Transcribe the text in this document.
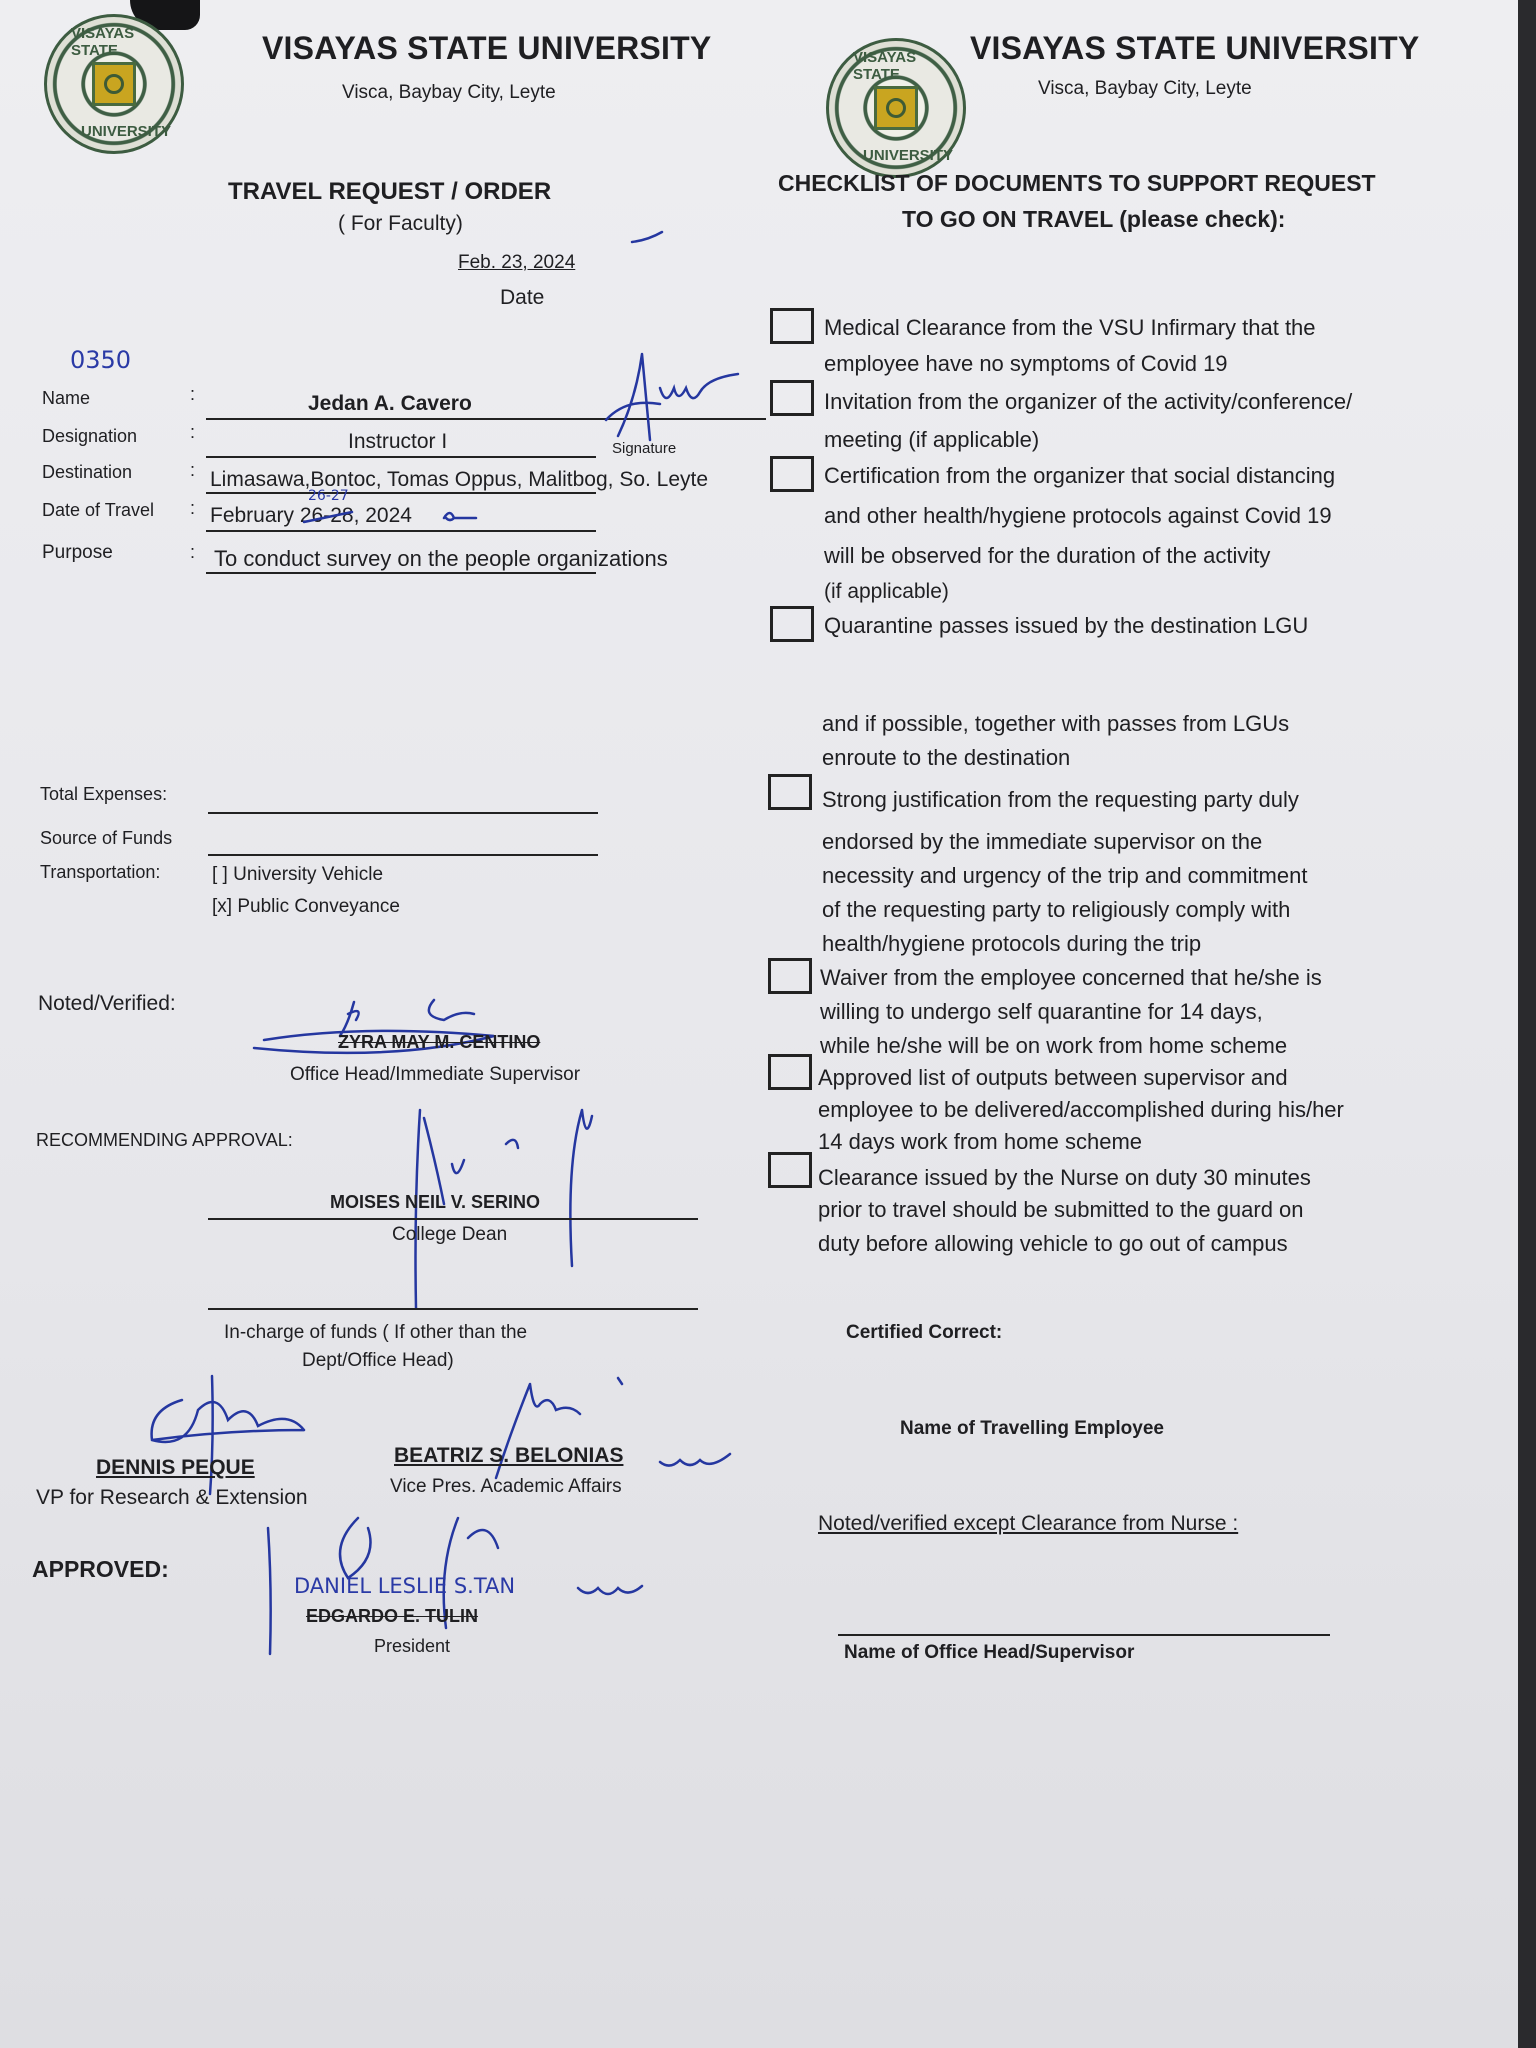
VISAYAS STATE
UNIVERSITY
VISAYAS STATE UNIVERSITY
Visca, Baybay City, Leyte
VISAYAS STATE
UNIVERSITY
VISAYAS STATE UNIVERSITY
Visca, Baybay City, Leyte
TRAVEL REQUEST / ORDER
( For Faculty)
Feb. 23, 2024
Date
0350
Name	:	Jedan A. Cavero
Signature
Designation	:	Instructor I
Destination	: Limasawa,Bontoc, Tomas Oppus, Malitbog, So. Leyte
Date of Travel : February 26-28, 2024
26-27
Purpose	: To conduct survey on the people organizations
Total Expenses:
Source of Funds
Transportation:	[ ] University Vehicle
[x] Public Conveyance
Noted/Verified:
ZYRA MAY M. CENTINO
Office Head/Immediate Supervisor
RECOMMENDING APPROVAL:
MOISES NEIL V. SERINO
College Dean
In-charge of funds ( If other than the
Dept/Office Head)
DENNIS PEQUE
VP for Research & Extension
BEATRIZ S. BELONIAS
Vice Pres. Academic Affairs
APPROVED:
DANIEL LESLIE S.TAN
EDGARDO E. TULIN
President
CHECKLIST OF DOCUMENTS TO SUPPORT REQUEST
TO GO ON TRAVEL (please check):
Medical Clearance from the VSU Infirmary that the
employee have no symptoms of Covid 19
Invitation from the organizer of the activity/conference/
meeting (if applicable)
Certification from the organizer that social distancing
and other health/hygiene protocols against Covid 19
will be observed for the duration of the activity
(if applicable)
Quarantine passes issued by the destination LGU
and if possible, together with passes from LGUs
enroute to the destination
Strong justification from the requesting party duly
endorsed by the immediate supervisor on the
necessity and urgency of the trip and commitment
of the requesting party to religiously comply with
health/hygiene protocols during the trip
Waiver from the employee concerned that he/she is
willing to undergo self quarantine for 14 days,
while he/she will be on work from home scheme
Approved list of outputs between supervisor and
employee to be delivered/accomplished during his/her
14 days work from home scheme
Clearance issued by the Nurse on duty 30 minutes
prior to travel should be submitted to the guard on
duty before allowing vehicle to go out of campus
Certified Correct:
Name of Travelling Employee
Noted/verified except Clearance from Nurse :
Name of Office Head/Supervisor
